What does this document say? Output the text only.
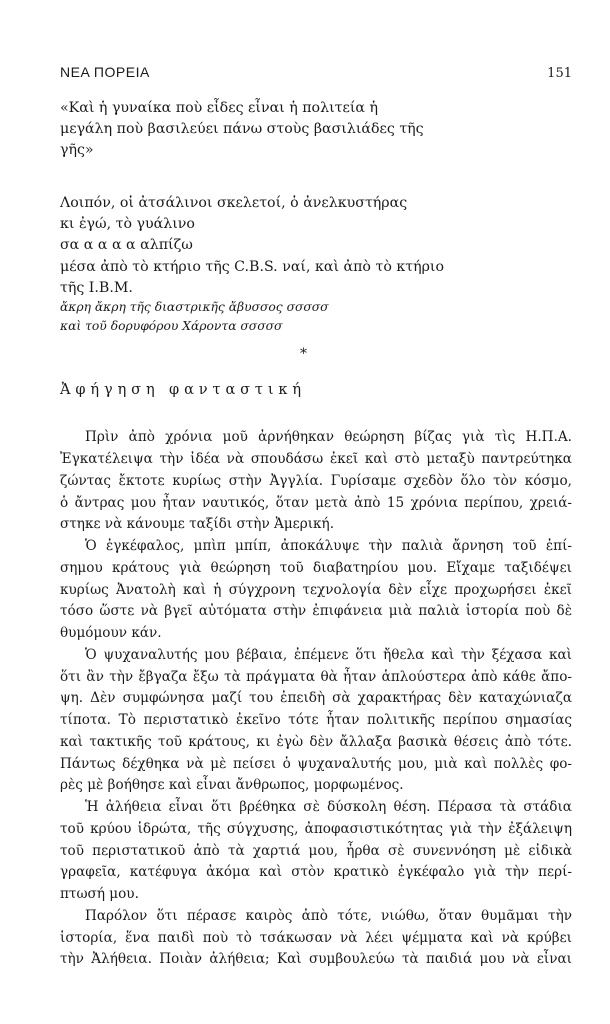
ΝΕΑ ΠΟΡΕΙΑ	151
«Καὶ ἡ γυναίκα ποὺ εἶδες εἶναι ἡ πολιτεία ἡ
μεγάλη ποὺ βασιλεύει πάνω στοὺς βασιλιάδες τῆς
γῆς»
Λοιπόν, οἱ ἀτσάλινοι σκελετοί, ὁ ἀνελκυστήρας
κι ἐγώ, τὸ γυάλινο
σα α α α α αλπίζω
μέσα ἀπὸ τὸ κτήριο τῆς C.B.S. ναί, καὶ ἀπὸ τὸ κτήριο
τῆς I.B.M.
ἄκρη ἄκρη τῆς διαστρικῆς ἄβυσσος σσσσσ
καὶ τοῦ δορυφόρου Χάροντα σσσσσ
*
Ἀφήγηση φανταστική
Πρὶν ἀπὸ χρόνια μοῦ ἀρνήθηκαν θεώρηση βίζας γιὰ τὶς Η.Π.Α.
Ἐγκατέλειψα τὴν ἰδέα νὰ σπουδάσω ἐκεῖ καὶ στὸ μεταξὺ παντρεύτηκα
ζώντας ἔκτοτε κυρίως στὴν Ἀγγλία. Γυρίσαμε σχεδὸν ὅλο τὸν κόσμο,
ὁ ἄντρας μου ἦταν ναυτικός, ὅταν μετὰ ἀπὸ 15 χρόνια περίπου, χρειά-
στηκε νὰ κάνουμε ταξίδι στὴν Ἀμερική.
Ὁ ἐγκέφαλος, μπὶπ μπίπ, ἀποκάλυψε τὴν παλιὰ ἄρνηση τοῦ ἐπί-
σημου κράτους γιὰ θεώρηση τοῦ διαβατηρίου μου. Εἴχαμε ταξιδέψει
κυρίως Ἀνατολὴ καὶ ἡ σύγχρονη τεχνολογία δὲν εἶχε προχωρήσει ἐκεῖ
τόσο ὥστε νὰ βγεῖ αὐτόματα στὴν ἐπιφάνεια μιὰ παλιὰ ἱστορία ποὺ δὲ
θυμόμουν κάν.
Ὁ ψυχαναλυτής μου βέβαια, ἐπέμενε ὅτι ἤθελα καὶ τὴν ξέχασα καὶ
ὅτι ἂν τὴν ἔβγαζα ἔξω τὰ πράγματα θὰ ἦταν ἁπλούστερα ἀπὸ κάθε ἄπο-
ψη. Δὲν συμφώνησα μαζί του ἐπειδὴ σὰ χαρακτήρας δὲν καταχώνιαζα
τίποτα. Τὸ περιστατικὸ ἐκεῖνο τότε ἦταν πολιτικῆς περίπου σημασίας
καὶ τακτικῆς τοῦ κράτους, κι ἐγὼ δὲν ἄλλαξα βασικὰ θέσεις ἀπὸ τότε.
Πάντως δέχθηκα νὰ μὲ πείσει ὁ ψυχαναλυτής μου, μιὰ καὶ πολλὲς φο-
ρὲς μὲ βοήθησε καὶ εἶναι ἄνθρωπος, μορφωμένος.
Ἡ ἀλήθεια εἶναι ὅτι βρέθηκα σὲ δύσκολη θέση. Πέρασα τὰ στάδια
τοῦ κρύου ἱδρώτα, τῆς σύγχυσης, ἀποφασιστικότητας γιὰ τὴν ἐξάλειψη
τοῦ περιστατικοῦ ἀπὸ τὰ χαρτιά μου, ἦρθα σὲ συνεννόηση μὲ εἰδικὰ
γραφεῖα, κατέφυγα ἀκόμα καὶ στὸν κρατικὸ ἐγκέφαλο γιὰ τὴν περί-
πτωσή μου.
Παρόλον ὅτι πέρασε καιρὸς ἀπὸ τότε, νιώθω, ὅταν θυμᾶμαι τὴν
ἱστορία, ἕνα παιδὶ ποὺ τὸ τσάκωσαν νὰ λέει ψέμματα καὶ νὰ κρύβει
τὴν Ἀλήθεια. Ποιὰν ἀλήθεια; Καὶ συμβουλεύω τὰ παιδιά μου νὰ εἶναι
